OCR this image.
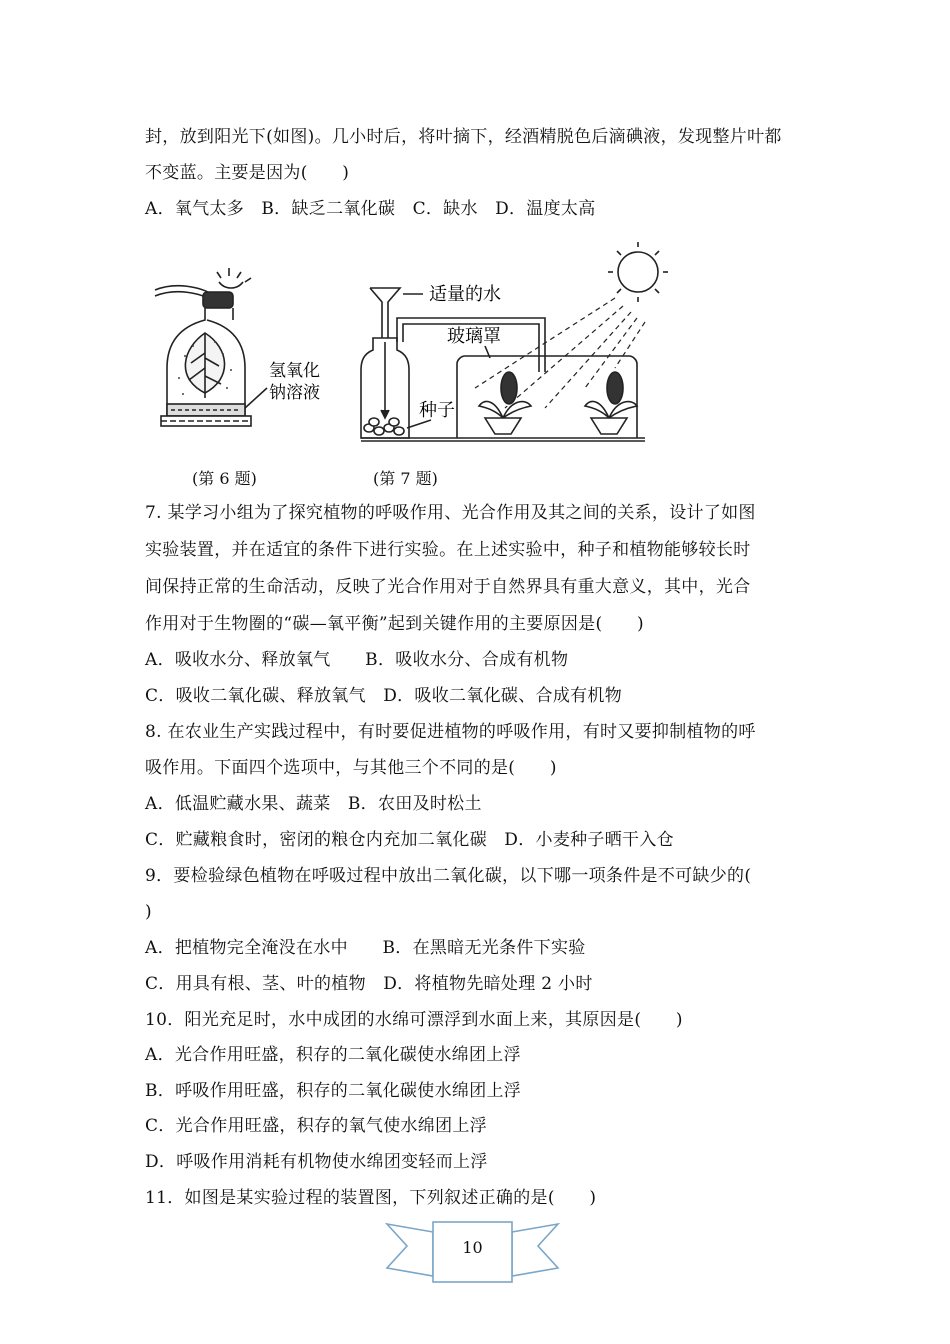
封，放到阳光下(如图)。几小时后，将叶摘下，经酒精脱色后滴碘液，发现整片叶都
不变蓝。主要是因为(　　)
A．氧气太多　B．缺乏二氧化碳　C．缺水　D．温度太高
氢氧化
钠溶液
适量的水
玻璃罩
种子
(第 6 题)	(第 7 题)
7. 某学习小组为了探究植物的呼吸作用、光合作用及其之间的关系，设计了如图
实验装置，并在适宜的条件下进行实验。在上述实验中，种子和植物能够较长时
间保持正常的生命活动，反映了光合作用对于自然界具有重大意义，其中，光合
作用对于生物圈的“碳—氧平衡”起到关键作用的主要原因是(　　)
A．吸收水分、释放氧气　　B．吸收水分、合成有机物
C．吸收二氧化碳、释放氧气　D．吸收二氧化碳、合成有机物
8. 在农业生产实践过程中，有时要促进植物的呼吸作用，有时又要抑制植物的呼
吸作用。下面四个选项中，与其他三个不同的是(　　)
A．低温贮藏水果、蔬菜　B．农田及时松土
C．贮藏粮食时，密闭的粮仓内充加二氧化碳　D．小麦种子晒干入仓
9．要检验绿色植物在呼吸过程中放出二氧化碳，以下哪一项条件是不可缺少的(
)
A．把植物完全淹没在水中　　B．在黑暗无光条件下实验
C．用具有根、茎、叶的植物　D．将植物先暗处理 2 小时
10．阳光充足时，水中成团的水绵可漂浮到水面上来，其原因是(　　)
A．光合作用旺盛，积存的二氧化碳使水绵团上浮
B．呼吸作用旺盛，积存的二氧化碳使水绵团上浮
C．光合作用旺盛，积存的氧气使水绵团上浮
D．呼吸作用消耗有机物使水绵团变轻而上浮
11．如图是某实验过程的装置图，下列叙述正确的是(　　)
10
